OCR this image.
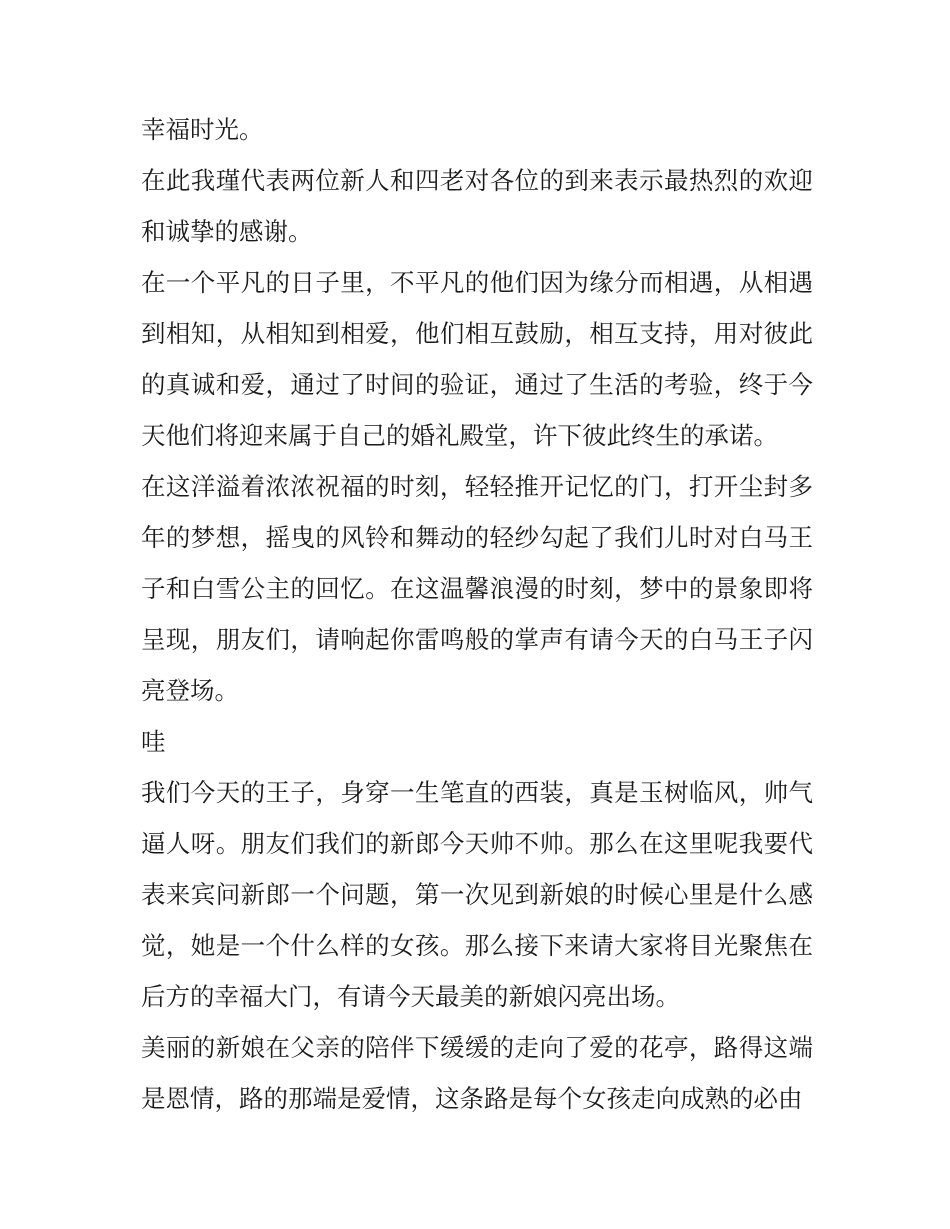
幸福时光。

在此我瑾代表两位新人和四老对各位的到来表示最热烈的欢迎和诚挚的感谢。

在一个平凡的日子里，不平凡的他们因为缘分而相遇，从相遇到相知，从相知到相爱，他们相互鼓励，相互支持，用对彼此的真诚和爱，通过了时间的验证，通过了生活的考验，终于今天他们将迎来属于自己的婚礼殿堂，许下彼此终生的承诺。

在这洋溢着浓浓祝福的时刻，轻轻推开记忆的门，打开尘封多年的梦想，摇曳的风铃和舞动的轻纱勾起了我们儿时对白马王子和白雪公主的回忆。在这温馨浪漫的时刻，梦中的景象即将呈现，朋友们，请响起你雷鸣般的掌声有请今天的白马王子闪亮登场。

哇

我们今天的王子，身穿一生笔直的西装，真是玉树临风，帅气逼人呀。朋友们我们的新郎今天帅不帅。那么在这里呢我要代表来宾问新郎一个问题，第一次见到新娘的时候心里是什么感觉，她是一个什么样的女孩。那么接下来请大家将目光聚焦在后方的幸福大门，有请今天最美的新娘闪亮出场。

美丽的新娘在父亲的陪伴下缓缓的走向了爱的花亭，路得这端是恩情，路的那端是爱情，这条路是每个女孩走向成熟的必由
